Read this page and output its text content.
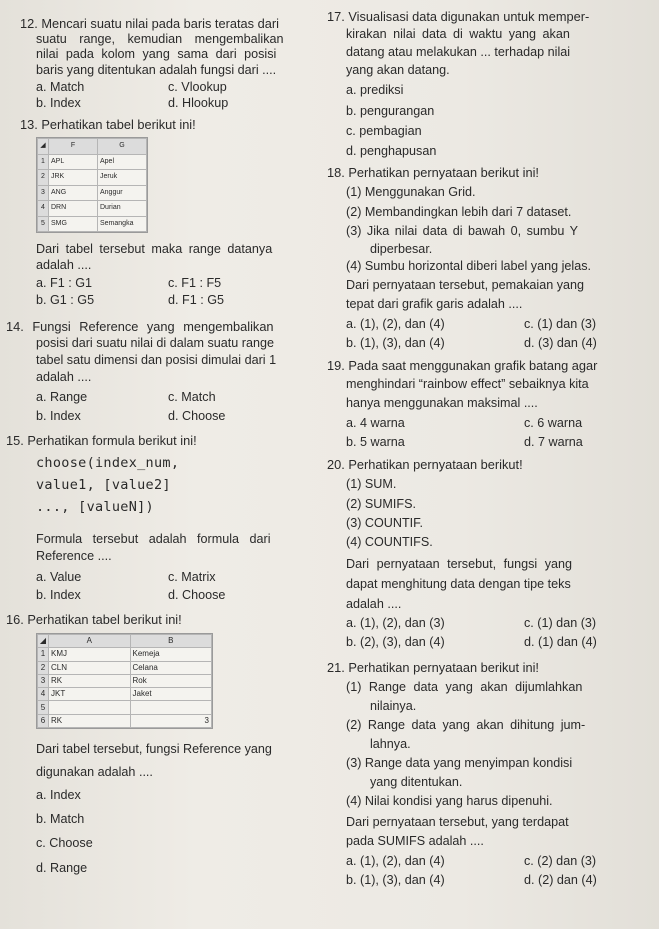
12. Mencari suatu nilai pada baris teratas dari
suatu range, kemudian mengembalikan
nilai pada kolom yang sama dari posisi
baris yang ditentukan adalah fungsi dari ....
a. Match	c. Vlookup
b. Index	d. Hlookup
13. Perhatikan tabel berikut ini!
◢	F	G
1	APL	Apel
2	JRK	Jeruk
3	ANG	Anggur
4	DRN	Durian
5	SMG	Semangka
Dari tabel tersebut maka range datanya
adalah ....
a. F1 : G1	c. F1 : F5
b. G1 : G5	d. F1 : G5
14. Fungsi Reference yang mengembalikan
posisi dari suatu nilai di dalam suatu range
tabel satu dimensi dan posisi dimulai dari 1
adalah ....
a. Range	c. Match
b. Index	d. Choose
15. Perhatikan formula berikut ini!
choose(index_num,
value1, [value2]
..., [valueN])
Formula tersebut adalah formula dari
Reference ....
a. Value	c. Matrix
b. Index	d. Choose
16. Perhatikan tabel berikut ini!
◢	A	B
1	KMJ	Kemeja
2	CLN	Celana
3	RK	Rok
4	JKT	Jaket
5		
6	RK	3
Dari tabel tersebut, fungsi Reference yang
digunakan adalah ....
a. Index
b. Match
c. Choose
d. Range
17. Visualisasi data digunakan untuk memper-
kirakan nilai data di waktu yang akan
datang atau melakukan ... terhadap nilai
yang akan datang.
a. prediksi
b. pengurangan
c. pembagian
d. penghapusan
18. Perhatikan pernyataan berikut ini!
(1) Menggunakan Grid.
(2) Membandingkan lebih dari 7 dataset.
(3) Jika nilai data di bawah 0, sumbu Y
diperbesar.
(4) Sumbu horizontal diberi label yang jelas.
Dari pernyataan tersebut, pemakaian yang
tepat dari grafik garis adalah ....
a. (1), (2), dan (4)	c. (1) dan (3)
b. (1), (3), dan (4)	d. (3) dan (4)
19. Pada saat menggunakan grafik batang agar
menghindari “rainbow effect” sebaiknya kita
hanya menggunakan maksimal ....
a. 4 warna	c. 6 warna
b. 5 warna	d. 7 warna
20. Perhatikan pernyataan berikut!
(1) SUM.
(2) SUMIFS.
(3) COUNTIF.
(4) COUNTIFS.
Dari pernyataan tersebut, fungsi yang
dapat menghitung data dengan tipe teks
adalah ....
a. (1), (2), dan (3)	c. (1) dan (3)
b. (2), (3), dan (4)	d. (1) dan (4)
21. Perhatikan pernyataan berikut ini!
(1) Range data yang akan dijumlahkan
nilainya.
(2) Range data yang akan dihitung jum-
lahnya.
(3) Range data yang menyimpan kondisi
yang ditentukan.
(4) Nilai kondisi yang harus dipenuhi.
Dari pernyataan tersebut, yang terdapat
pada SUMIFS adalah ....
a. (1), (2), dan (4)	c. (2) dan (3)
b. (1), (3), dan (4)	d. (2) dan (4)
